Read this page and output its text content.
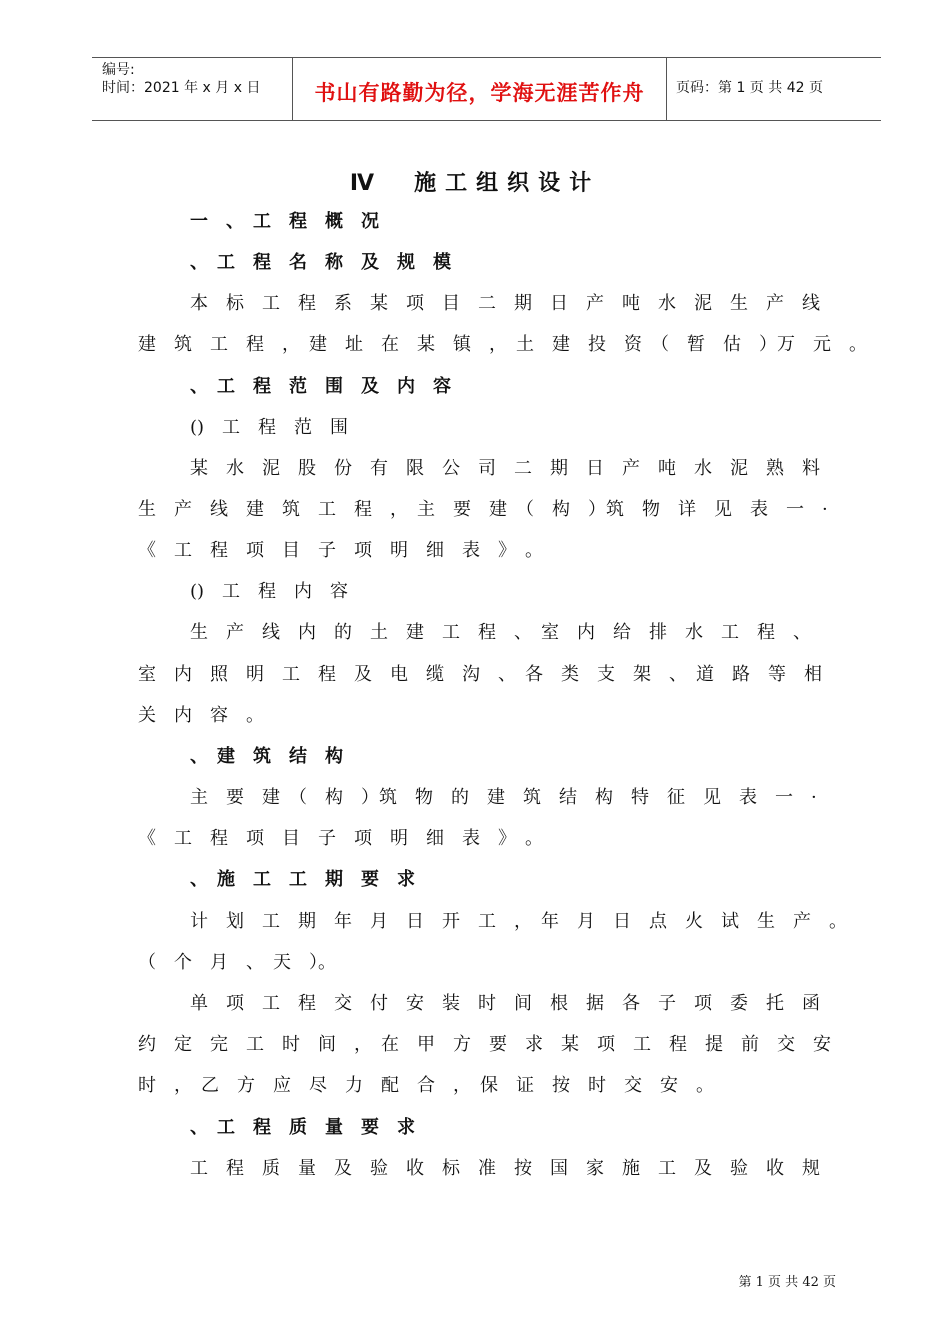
编号:
时间：2021 年 x 月 x 日	书山有路勤为径，学海无涯苦作舟	页码：第 1 页 共 42 页
Ⅳ　施工组织设计
一　、　工　程　概　况
、　工　程　名　称　及　规　模
本　标　工　程　系　某　项　目　二　期　日　产　吨　水　泥　生　产　线
建　筑　工　程　，　建　址　在　某　镇　，　土　建　投　资　（　暂　估　）万　元　。
、　工　程　范　围　及　内　容
()　工　程　范　围
某　水　泥　股　份　有　限　公　司　二　期　日　产　吨　水　泥　熟　料
生　产　线　建　筑　工　程　，　主　要　建　（　构　）筑　物　详　见　表　一　·
《　工　程　项　目　子　项　明　细　表　》　。
()　工　程　内　容
生　产　线　内　的　土　建　工　程　、　室　内　给　排　水　工　程　、
室　内　照　明　工　程　及　电　缆　沟　、　各　类　支　架　、　道　路　等　相
关　内　容　。
、　建　筑　结　构
主　要　建　（　构　）筑　物　的　建　筑　结　构　特　征　见　表　一　·
《　工　程　项　目　子　项　明　细　表　》　。
、　施　工　工　期　要　求
计　划　工　期　年　月　日　开　工　，　年　月　日　点　火　试　生　产　。
（　个　月　、　天　）。
单　项　工　程　交　付　安　装　时　间　根　据　各　子　项　委　托　函
约　定　完　工　时　间　，　在　甲　方　要　求　某　项　工　程　提　前　交　安
时　，　乙　方　应　尽　力　配　合　，　保　证　按　时　交　安　。
、　工　程　质　量　要　求
工　程　质　量　及　验　收　标　准　按　国　家　施　工　及　验　收　规
第 1 页 共 42 页
